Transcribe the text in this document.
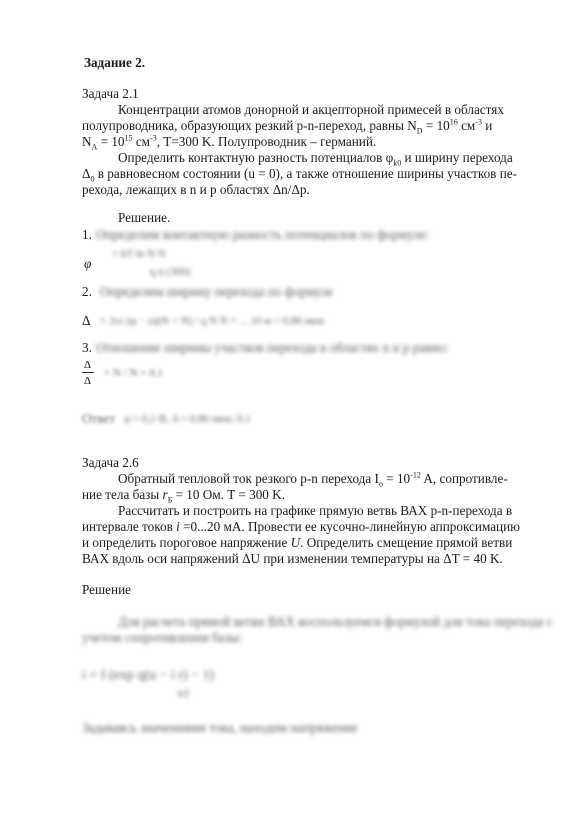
Задание 2.
Задача 2.1
Концентрации атомов донорной и акцепторной примесей в областях
полупроводника, образующих резкий p-n-переход, равны $N_D = 10^{16}$ $см^{-3}$ и
$N_A = 10^{15}$ $см^{-3}$, T=300 K. Полупроводник – германий.
Определить контактную разность потенциалов $\varphi_{k0}$ и ширину перехода
$\Delta_0$ в равновесном состоянии (u = 0), а также отношение ширины участков пе-
рехода, лежащих в n и p областях Δn/Δp.
Решение.
1. Определим контактную разность потенциалов по формуле:
φ
= kT ln N N
q n (300)
2. Определим ширину перехода по формуле
Δ = 2εε (φ − u)(N + N) / q N N = ... 10 м = 0,86 мкм
3. Отношение ширины участков перехода в областях n и p равно:
Δ
Δ
= N / N = 0,1
Ответ φ = 0,2 В; Δ = 0,86 мкм; 0,1
Задача 2.6
Обратный тепловой ток резкого p-n перехода $I_o = 10^{-12}$ A, сопротивле-
ние тела базы $r_Б = 10$ Ом. T = 300 K.
Рассчитать и построить на графике прямую ветвь ВАХ p-n-перехода в
интервале токов i =0...20 мА. Провести ее кусочно-линейную аппроксимацию
и определить пороговое напряжение U. Определить смещение прямой ветви
ВАХ вдоль оси напряжений ΔU при изменении температуры на ΔT = 40 K.
Решение
Для расчета прямой ветви ВАХ воспользуемся формулой для тока перехода с
учетом сопротивления базы:
i = I (exp q(u − i r) − 1)
kT
Задаваясь значениями тока, находим напряжение
